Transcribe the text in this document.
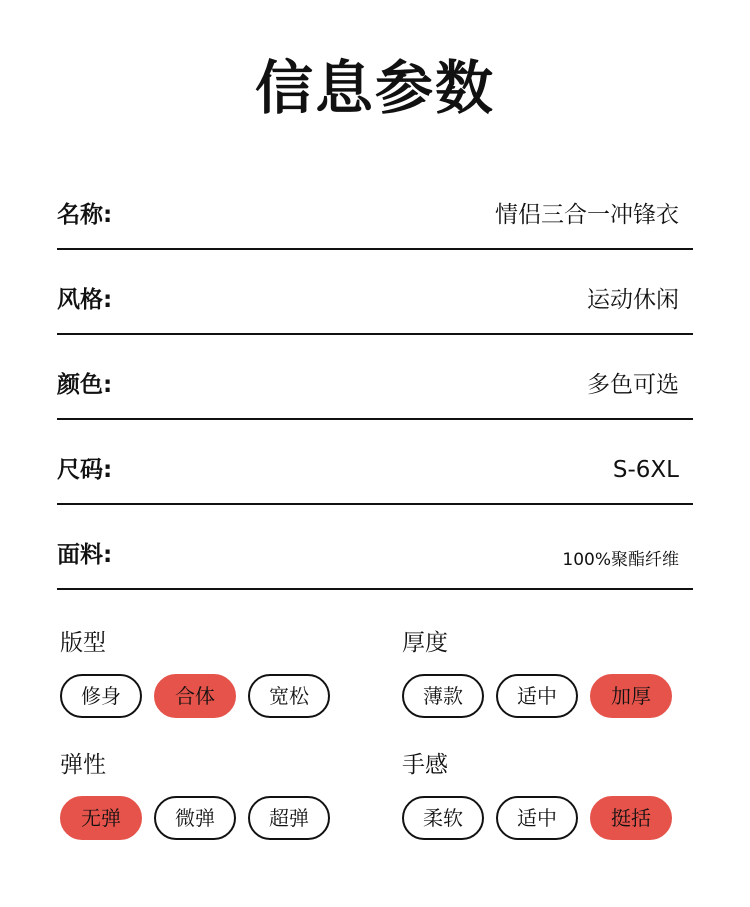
信息参数
名称:	情侣三合一冲锋衣
风格:	运动休闲
颜色:	多色可选
尺码:	S-6XL
面料:	100%聚酯纤维
版型
修身	合体	宽松
厚度
薄款	适中	加厚
弹性
无弹	微弹	超弹
手感
柔软	适中	挺括
